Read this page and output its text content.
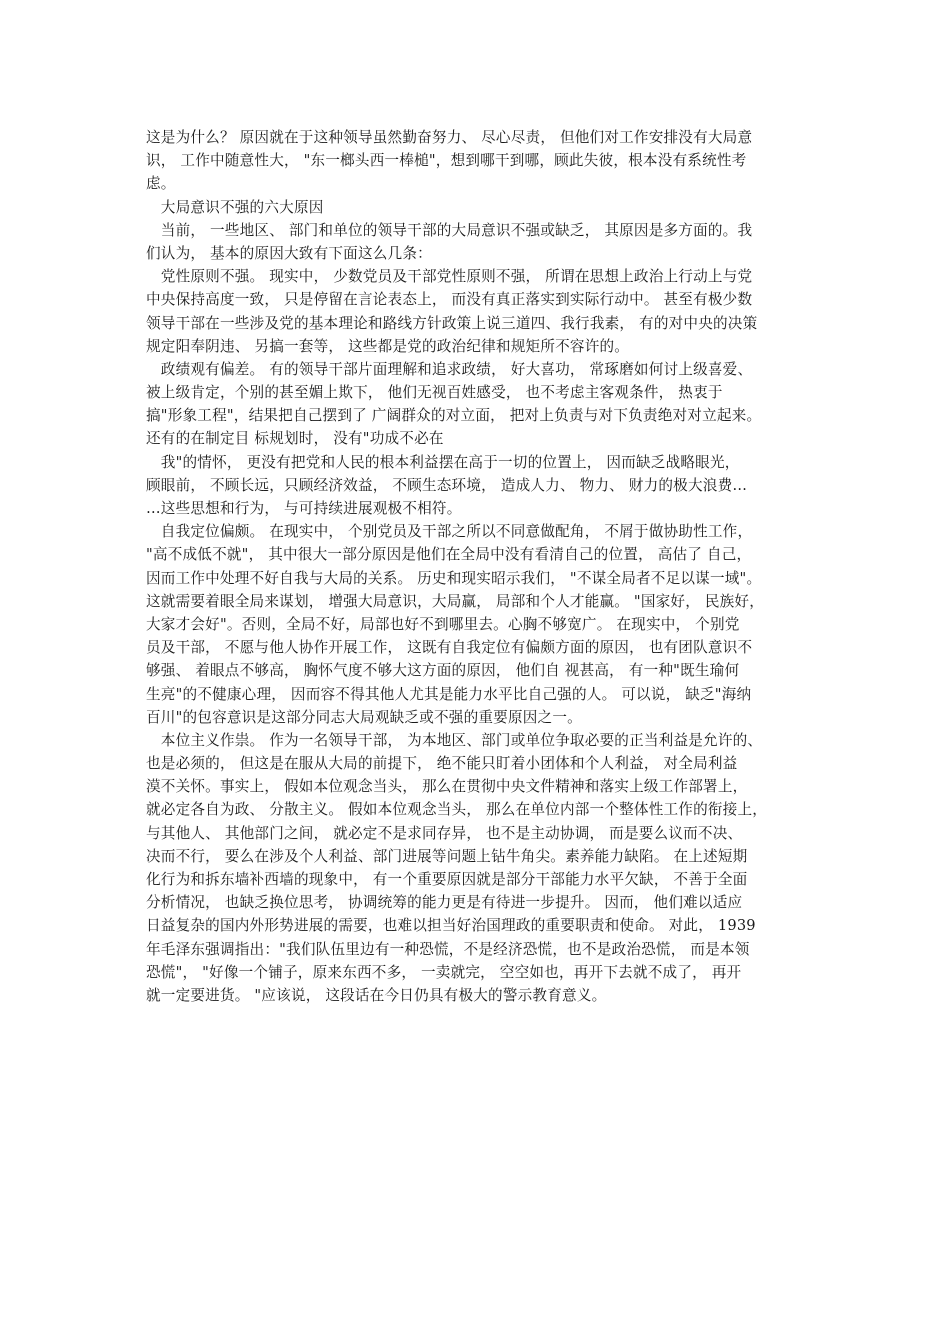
这是为什么？ 原因就在于这种领导虽然勤奋努力、 尽心尽责， 但他们对工作安排没有大局意
识， 工作中随意性大， "东一榔头西一棒槌"，想到哪干到哪，顾此失彼，根本没有系统性考
虑。
　大局意识不强的六大原因
　当前， 一些地区、 部门和单位的领导干部的大局意识不强或缺乏， 其原因是多方面的。我
们认为， 基本的原因大致有下面这么几条：
　党性原则不强。 现实中， 少数党员及干部党性原则不强， 所谓在思想上政治上行动上与党
中央保持高度一致， 只是停留在言论表态上， 而没有真正落实到实际行动中。 甚至有极少数
领导干部在一些涉及党的基本理论和路线方针政策上说三道四、我行我素， 有的对中央的决策
规定阳奉阴违、 另搞一套等， 这些都是党的政治纪律和规矩所不容许的。
　政绩观有偏差。 有的领导干部片面理解和追求政绩， 好大喜功， 常琢磨如何讨上级喜爱、
被上级肯定，个别的甚至媚上欺下， 他们无视百姓感受， 也不考虑主客观条件， 热衷于
搞"形象工程"，结果把自己摆到了 广阔群众的对立面， 把对上负责与对下负责绝对对立起来。
还有的在制定目 标规划时， 没有"功成不必在
　我"的情怀， 更没有把党和人民的根本利益摆在高于一切的位置上， 因而缺乏战略眼光，
顾眼前， 不顾长远，只顾经济效益， 不顾生态环境， 造成人力、 物力、 财力的极大浪费…
…这些思想和行为， 与可持续进展观极不相符。
　自我定位偏颇。 在现实中， 个别党员及干部之所以不同意做配角， 不屑于做协助性工作，
"高不成低不就"， 其中很大一部分原因是他们在全局中没有看清自己的位置， 高估了 自己，
因而工作中处理不好自我与大局的关系。 历史和现实昭示我们， "不谋全局者不足以谋一域"。
这就需要着眼全局来谋划， 增强大局意识，大局赢， 局部和个人才能赢。 "国家好， 民族好，
大家才会好"。否则，全局不好，局部也好不到哪里去。心胸不够宽广。 在现实中， 个别党
员及干部， 不愿与他人协作开展工作， 这既有自我定位有偏颇方面的原因， 也有团队意识不
够强、 着眼点不够高， 胸怀气度不够大这方面的原因， 他们自 视甚高， 有一种"既生瑜何
生亮"的不健康心理， 因而容不得其他人尤其是能力水平比自己强的人。 可以说， 缺乏"海纳
百川"的包容意识是这部分同志大局观缺乏或不强的重要原因之一。
　本位主义作祟。 作为一名领导干部， 为本地区、部门或单位争取必要的正当利益是允许的、
也是必须的， 但这是在服从大局的前提下， 绝不能只盯着小团体和个人利益， 对全局利益
漠不关怀。事实上， 假如本位观念当头， 那么在贯彻中央文件精神和落实上级工作部署上，
就必定各自为政、 分散主义。 假如本位观念当头， 那么在单位内部一个整体性工作的衔接上，
与其他人、 其他部门之间， 就必定不是求同存异， 也不是主动协调， 而是要么议而不决、
决而不行， 要么在涉及个人利益、部门进展等问题上钻牛角尖。素养能力缺陷。 在上述短期
化行为和拆东墙补西墙的现象中， 有一个重要原因就是部分干部能力水平欠缺， 不善于全面
分析情况， 也缺乏换位思考， 协调统筹的能力更是有待进一步提升。 因而， 他们难以适应
日益复杂的国内外形势进展的需要，也难以担当好治国理政的重要职责和使命。 对此， 1939
年毛泽东强调指出："我们队伍里边有一种恐慌，不是经济恐慌，也不是政治恐慌， 而是本领
恐慌"， "好像一个铺子，原来东西不多， 一卖就完， 空空如也，再开下去就不成了， 再开
就一定要进货。 "应该说， 这段话在今日仍具有极大的警示教育意义。
